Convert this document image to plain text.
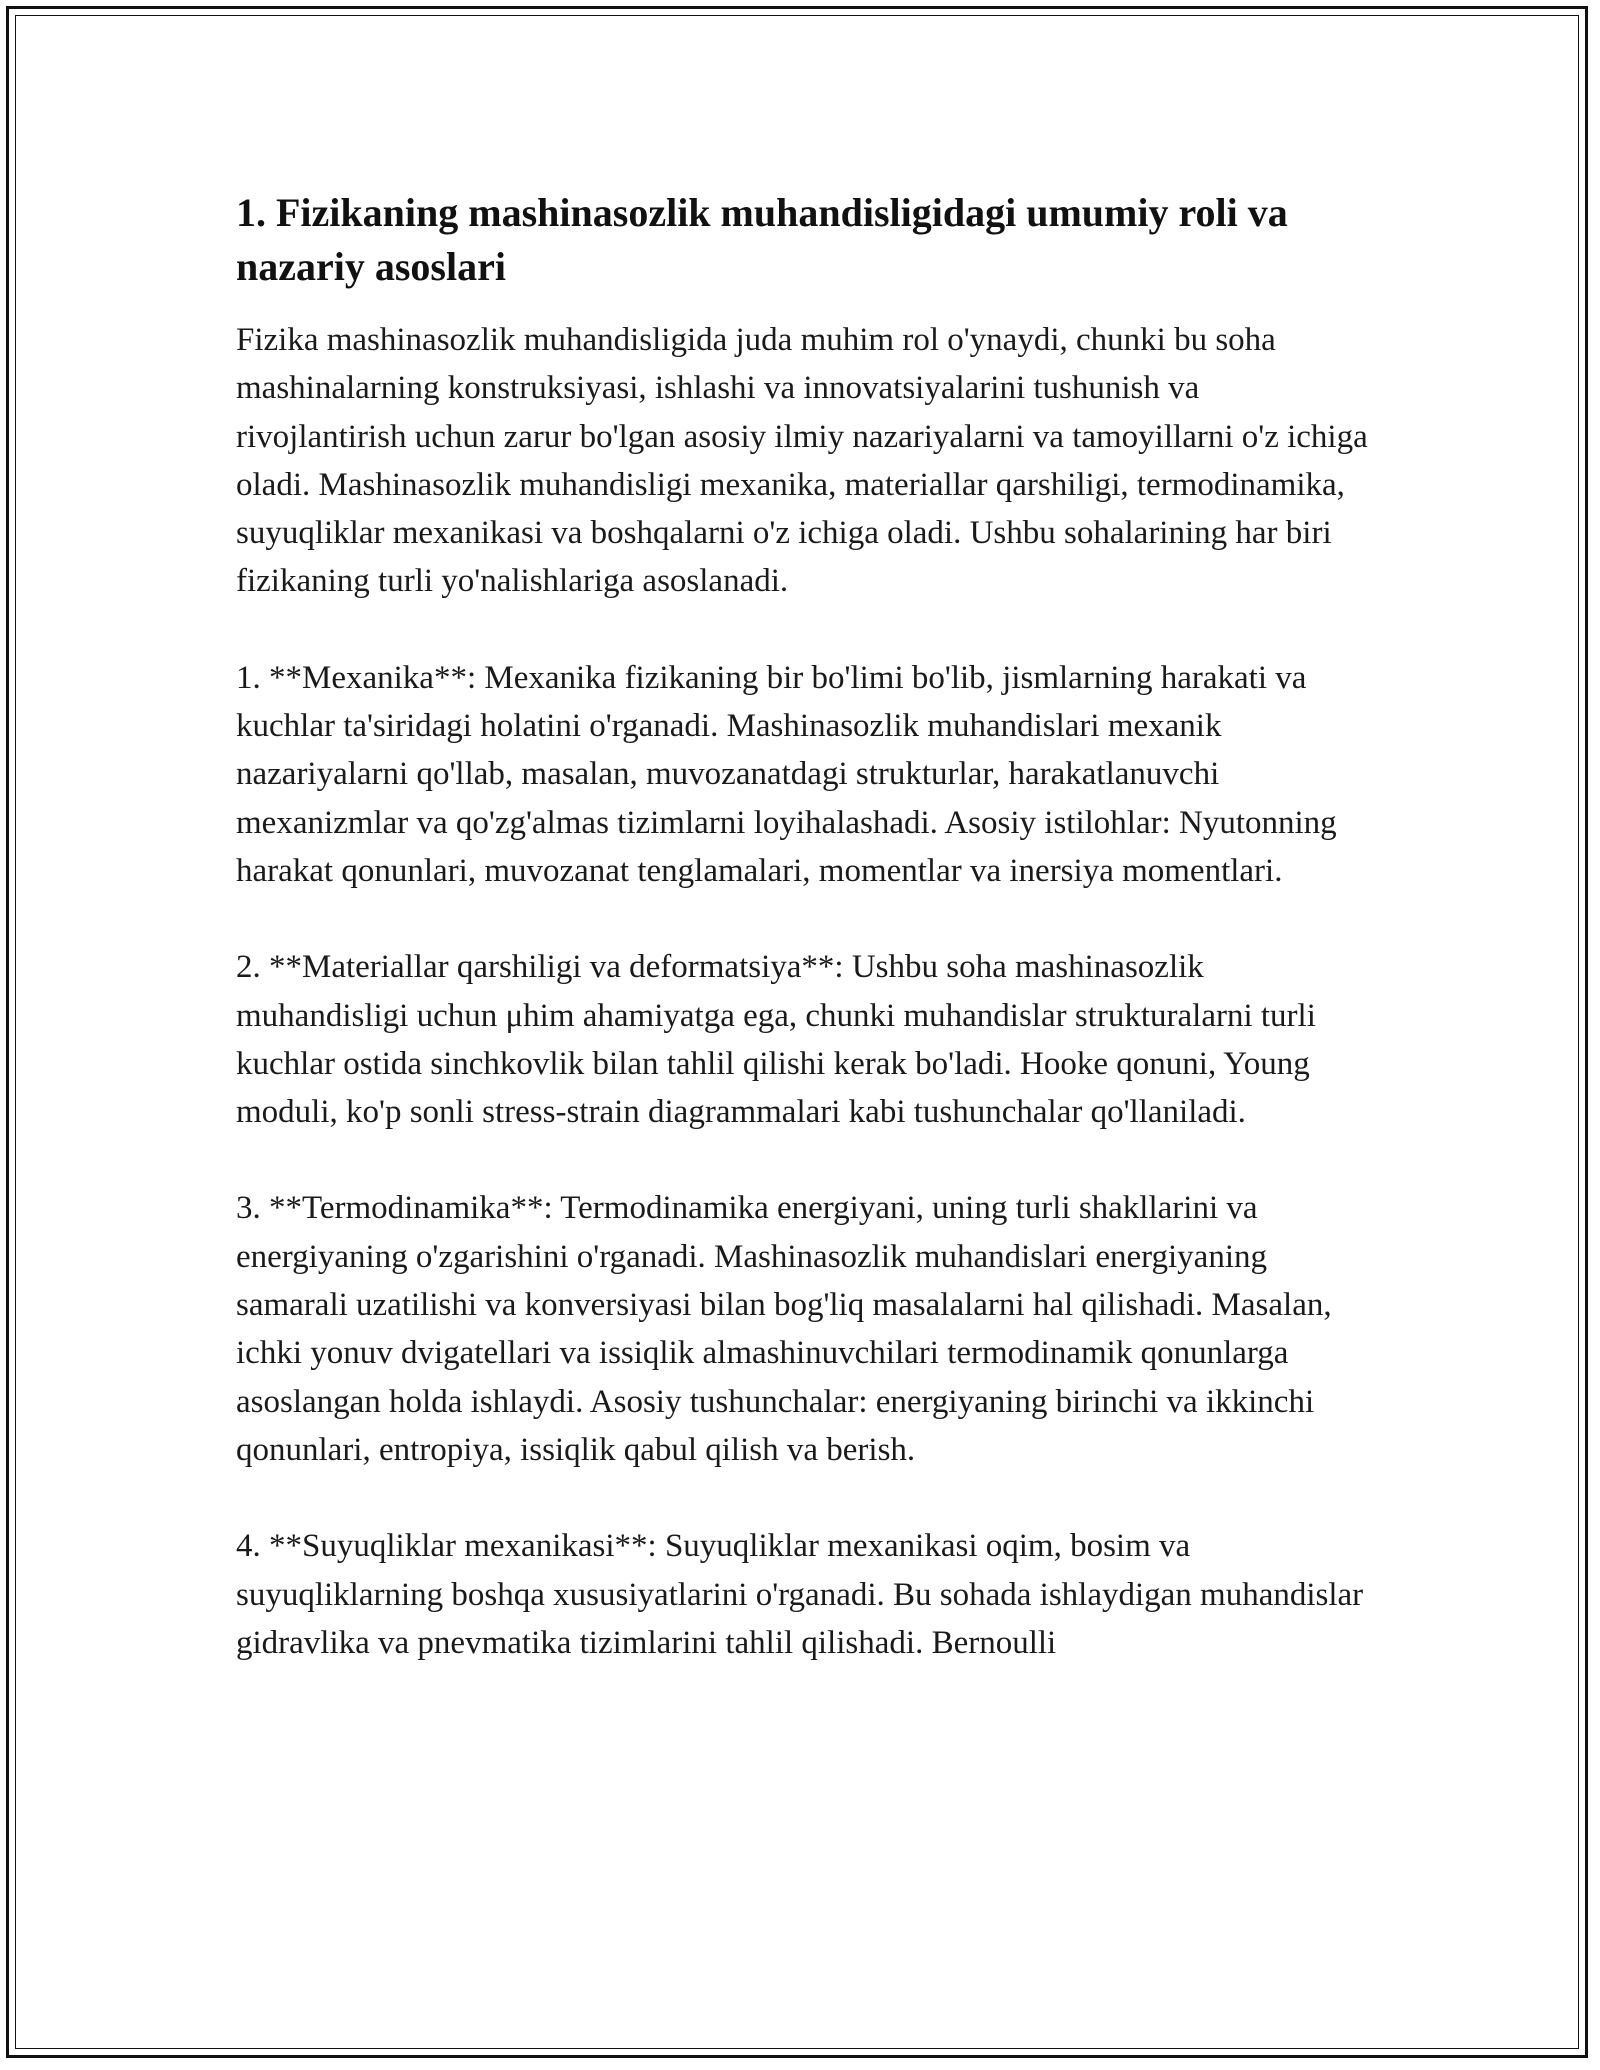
1. Fizikaning mashinasozlik muhandisligidagi umumiy roli va nazariy asoslari

Fizika mashinasozlik muhandisligida juda muhim rol o'ynaydi, chunki bu soha mashinalarning konstruksiyasi, ishlashi va innovatsiyalarini tushunish va rivojlantirish uchun zarur bo'lgan asosiy ilmiy nazariyalarni va tamoyillarni o'z ichiga oladi. Mashinasozlik muhandisligi mexanika, materiallar qarshiligi, termodinamika, suyuqliklar mexanikasi va boshqalarni o'z ichiga oladi. Ushbu sohalarining har biri fizikaning turli yo'nalishlariga asoslanadi.

1. **Mexanika**: Mexanika fizikaning bir bo'limi bo'lib, jismlarning harakati va kuchlar ta'siridagi holatini o'rganadi. Mashinasozlik muhandislari mexanik nazariyalarni qo'llab, masalan, muvozanatdagi strukturlar, harakatlanuvchi mexanizmlar va qo'zg'almas tizimlarni loyihalashadi. Asosiy istilohlar: Nyutonning harakat qonunlari, muvozanat tenglamalari, momentlar va inersiya momentlari.

2. **Materiallar qarshiligi va deformatsiya**: Ushbu soha mashinasozlik muhandisligi uchun μhim ahamiyatga ega, chunki muhandislar strukturalarni turli kuchlar ostida sinchkovlik bilan tahlil qilishi kerak bo'ladi. Hooke qonuni, Young moduli, ko'p sonli stress-strain diagrammalari kabi tushunchalar qo'llaniladi.

3. **Termodinamika**: Termodinamika energiyani, uning turli shakllarini va energiyaning o'zgarishini o'rganadi. Mashinasozlik muhandislari energiyaning samarali uzatilishi va konversiyasi bilan bog'liq masalalarni hal qilishadi. Masalan, ichki yonuv dvigatellari va issiqlik almashinuvchilari termodinamik qonunlarga asoslangan holda ishlaydi. Asosiy tushunchalar: energiyaning birinchi va ikkinchi qonunlari, entropiya, issiqlik qabul qilish va berish.

4. **Suyuqliklar mexanikasi**: Suyuqliklar mexanikasi oqim, bosim va suyuqliklarning boshqa xususiyatlarini o'rganadi. Bu sohada ishlaydigan muhandislar gidravlika va pnevmatika tizimlarini tahlil qilishadi. Bernoulli
